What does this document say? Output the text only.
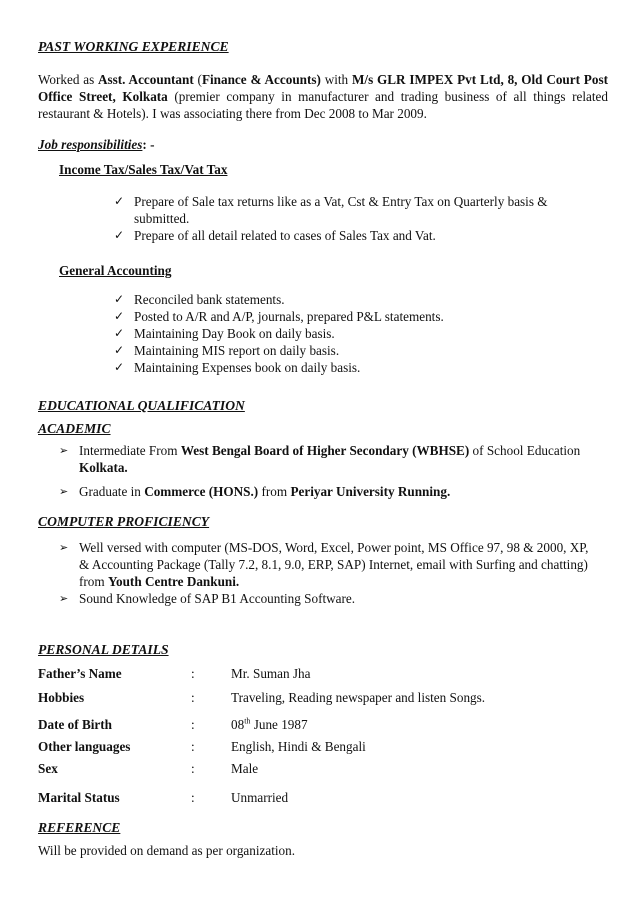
PAST WORKING EXPERIENCE
Worked as Asst. Accountant (Finance & Accounts) with M/s GLR IMPEX Pvt Ltd, 8, Old Court Post Office Street, Kolkata (premier company in manufacturer and trading business of all things related restaurant & Hotels). I was associating there from Dec 2008 to Mar 2009.
Job responsibilities: -
Income Tax/Sales Tax/Vat Tax
✓ Prepare of Sale tax returns like as a Vat, Cst & Entry Tax on Quarterly basis & submitted.
✓ Prepare of all detail related to cases of Sales Tax and Vat.
General Accounting
✓ Reconciled bank statements.
✓ Posted to A/R and A/P, journals, prepared P&L statements.
✓ Maintaining Day Book on daily basis.
✓ Maintaining MIS report on daily basis.
✓ Maintaining Expenses book on daily basis.
EDUCATIONAL QUALIFICATION
ACADEMIC
➢ Intermediate From West Bengal Board of Higher Secondary (WBHSE) of School Education Kolkata.
➢ Graduate in Commerce (HONS.) from Periyar University Running.
COMPUTER PROFICIENCY
➢ Well versed with computer (MS-DOS, Word, Excel, Power point, MS Office 97, 98 & 2000, XP, & Accounting Package (Tally 7.2, 8.1, 9.0, ERP, SAP) Internet, email with Surfing and chatting) from Youth Centre Dankuni.
➢ Sound Knowledge of SAP B1 Accounting Software.
PERSONAL DETAILS
Father’s Name	:	Mr. Suman Jha
Hobbies	:	Traveling, Reading newspaper and listen Songs.
Date of Birth	:	08th June 1987
Other languages	:	English, Hindi & Bengali
Sex	:	Male
Marital Status	:	Unmarried
REFERENCE
Will be provided on demand as per organization.
